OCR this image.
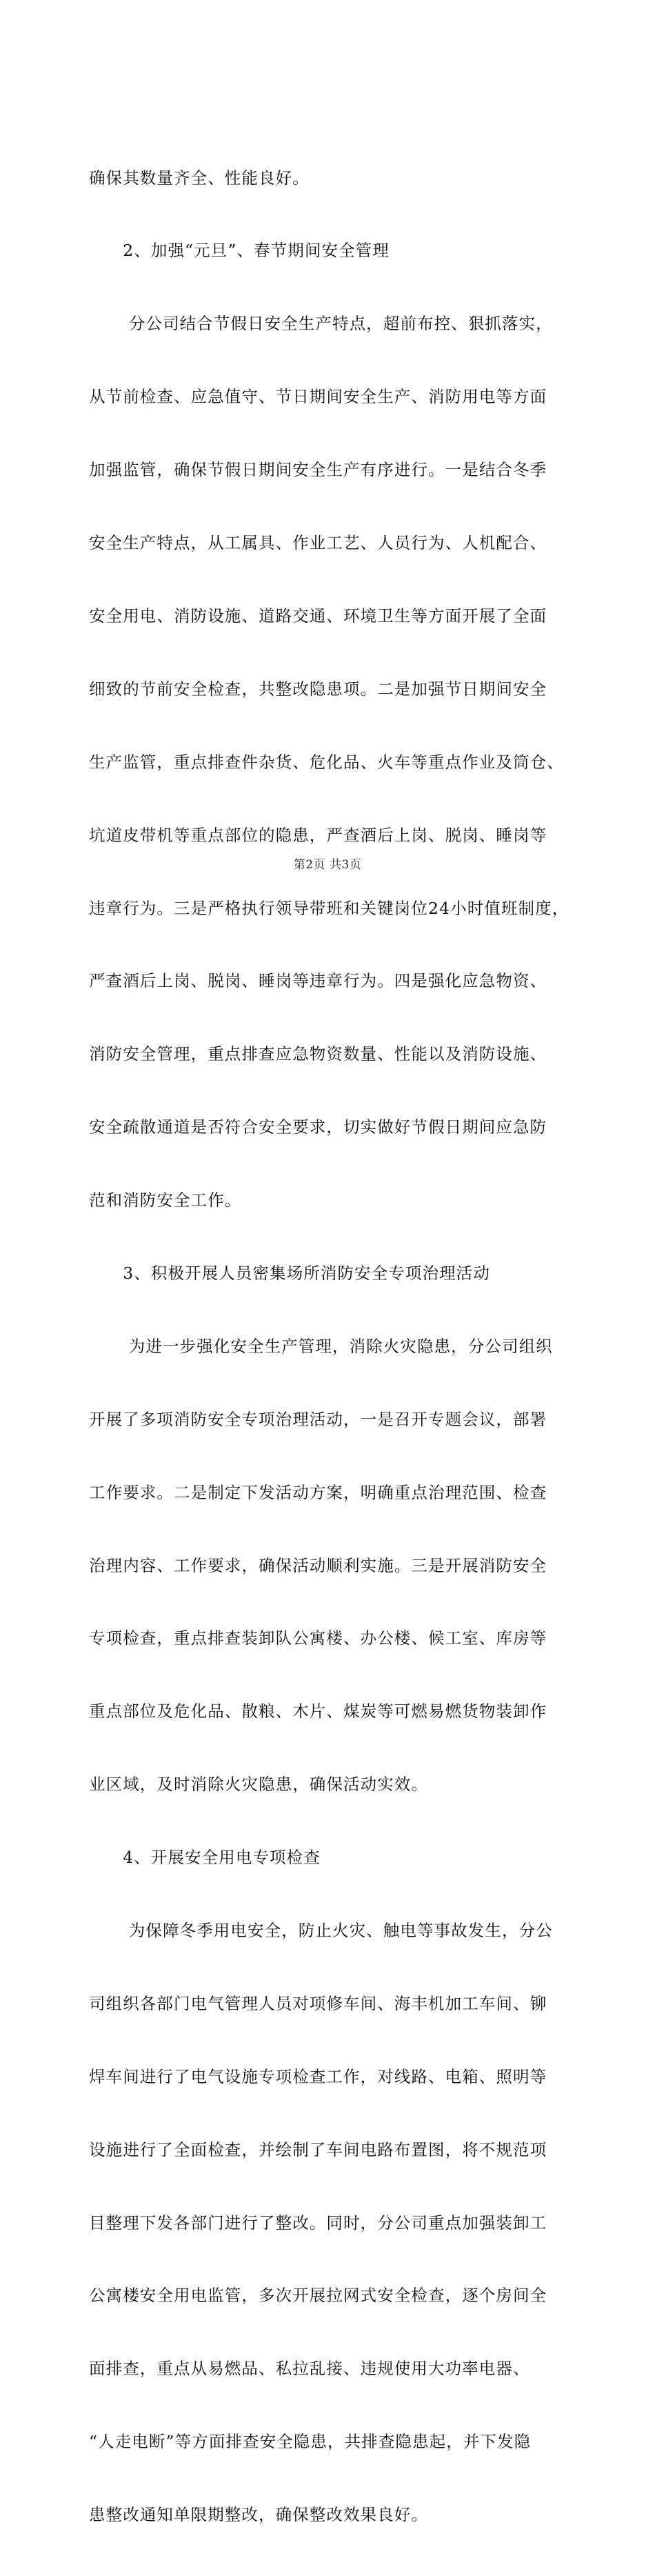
确保其数量齐全、性能良好。

　　2、加强“元旦”、春节期间安全管理

　　 分公司结合节假日安全生产特点，超前布控、狠抓落实，

从节前检查、应急值守、节日期间安全生产、消防用电等方面

加强监管，确保节假日期间安全生产有序进行。一是结合冬季

安全生产特点，从工属具、作业工艺、人员行为、人机配合、

安全用电、消防设施、道路交通、环境卫生等方面开展了全面

细致的节前安全检查，共整改隐患项。二是加强节日期间安全

生产监管，重点排查件杂货、危化品、火车等重点作业及筒仓、

坑道皮带机等重点部位的隐患，严查酒后上岗、脱岗、睡岗等

违章行为。三是严格执行领导带班和关键岗位24小时值班制度，

严查酒后上岗、脱岗、睡岗等违章行为。四是强化应急物资、

消防安全管理，重点排查应急物资数量、性能以及消防设施、

安全疏散通道是否符合安全要求，切实做好节假日期间应急防

范和消防安全工作。

　　3、积极开展人员密集场所消防安全专项治理活动

　　 为进一步强化安全生产管理，消除火灾隐患，分公司组织

开展了多项消防安全专项治理活动，一是召开专题会议，部署

工作要求。二是制定下发活动方案，明确重点治理范围、检查

治理内容、工作要求，确保活动顺利实施。三是开展消防安全

专项检查，重点排查装卸队公寓楼、办公楼、候工室、库房等

重点部位及危化品、散粮、木片、煤炭等可燃易燃货物装卸作

业区域，及时消除火灾隐患，确保活动实效。

　　4、开展安全用电专项检查

　　 为保障冬季用电安全，防止火灾、触电等事故发生，分公

司组织各部门电气管理人员对项修车间、海丰机加工车间、铆

焊车间进行了电气设施专项检查工作，对线路、电箱、照明等

设施进行了全面检查，并绘制了车间电路布置图，将不规范项

目整理下发各部门进行了整改。同时，分公司重点加强装卸工

公寓楼安全用电监管，多次开展拉网式安全检查，逐个房间全

面排查，重点从易燃品、私拉乱接、违规使用大功率电器、

“人走电断”等方面排查安全隐患，共排查隐患起，并下发隐

患整改通知单限期整改，确保整改效果良好。

第2页 共3页
